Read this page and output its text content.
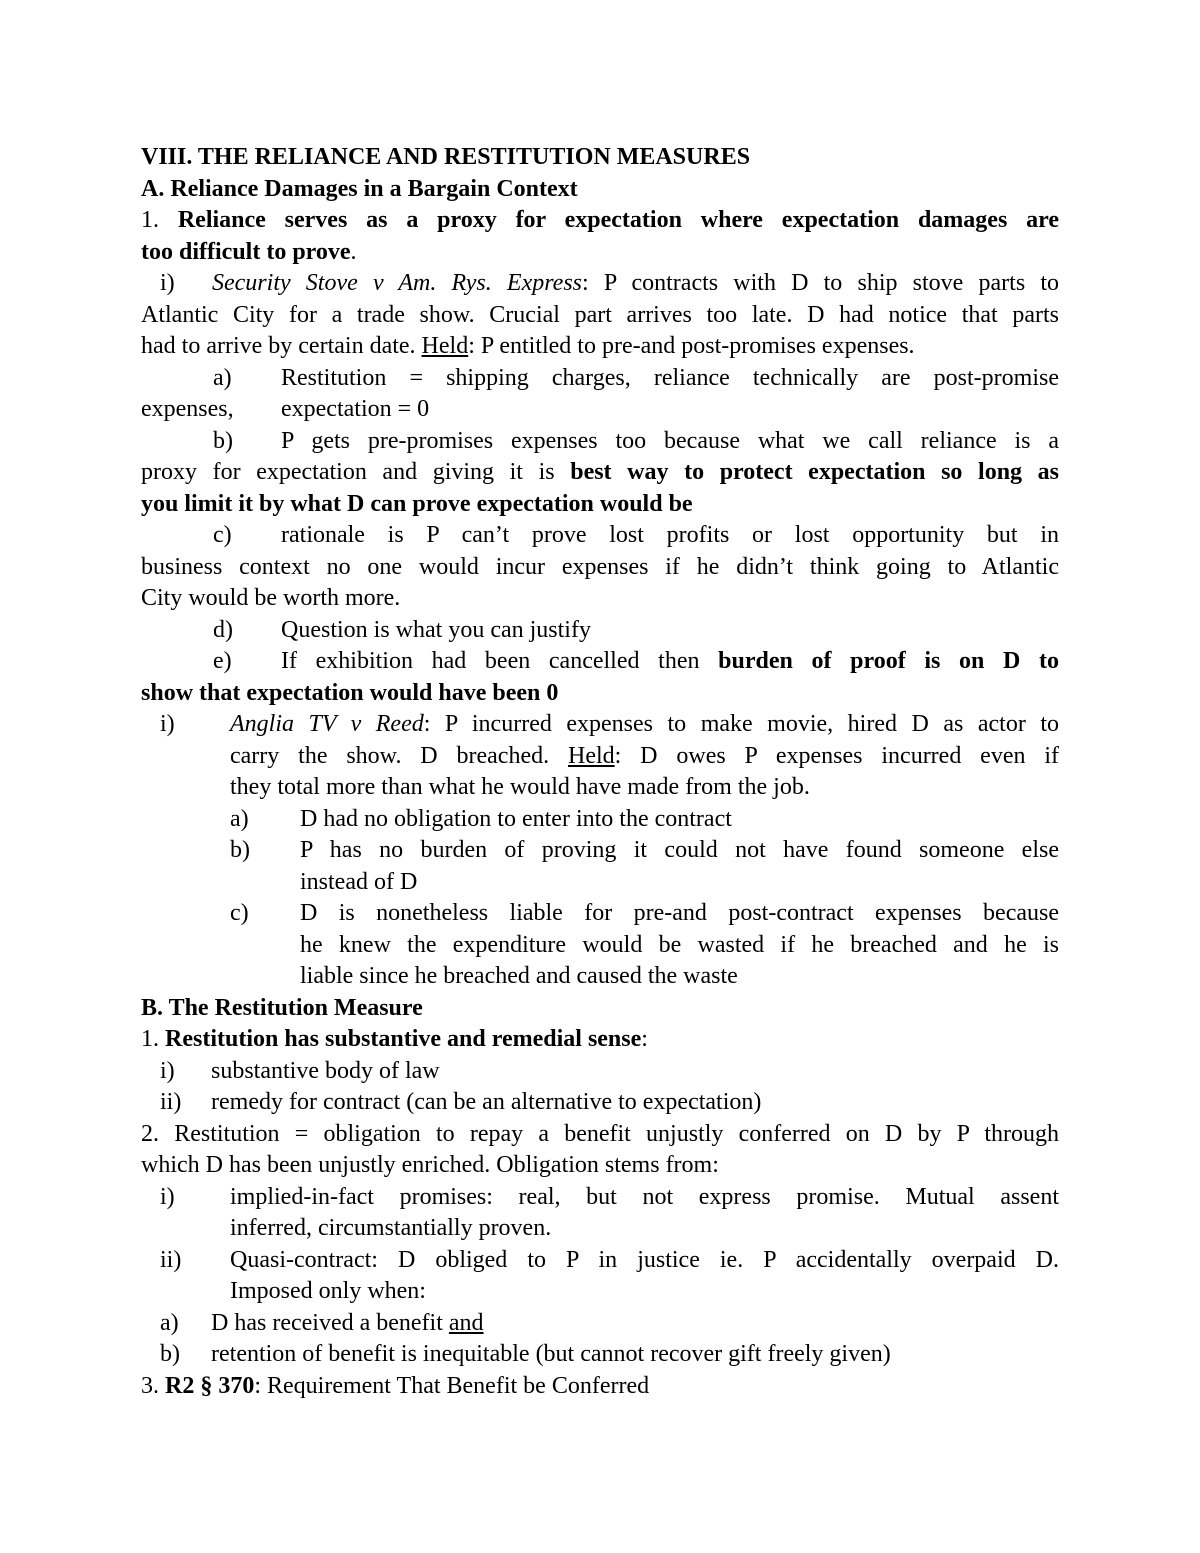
VIII. THE RELIANCE AND RESTITUTION MEASURES
A. Reliance Damages in a Bargain Context
1. Reliance serves as a proxy for expectation where expectation damages are
too difficult to prove.
i) Security Stove v Am. Rys. Express: P contracts with D to ship stove parts to
Atlantic City for a trade show. Crucial part arrives too late. D had notice that parts
had to arrive by certain date. Held: P entitled to pre-and post-promises expenses.
a) Restitution = shipping charges, reliance technically are post-promise
expenses, expectation = 0
b) P gets pre-promises expenses too because what we call reliance is a
proxy for expectation and giving it is best way to protect expectation so long as
you limit it by what D can prove expectation would be
c) rationale is P can’t prove lost profits or lost opportunity but in
business context no one would incur expenses if he didn’t think going to Atlantic
City would be worth more.
d) Question is what you can justify
e) If exhibition had been cancelled then burden of proof is on D to
show that expectation would have been 0
i) Anglia TV v Reed: P incurred expenses to make movie, hired D as actor to
carry the show. D breached. Held: D owes P expenses incurred even if
they total more than what he would have made from the job.
a) D had no obligation to enter into the contract
b) P has no burden of proving it could not have found someone else
instead of D
c) D is nonetheless liable for pre-and post-contract expenses because
he knew the expenditure would be wasted if he breached and he is
liable since he breached and caused the waste
B. The Restitution Measure
1. Restitution has substantive and remedial sense:
i) substantive body of law
ii) remedy for contract (can be an alternative to expectation)
2. Restitution = obligation to repay a benefit unjustly conferred on D by P through
which D has been unjustly enriched. Obligation stems from:
i) implied-in-fact promises: real, but not express promise. Mutual assent
inferred, circumstantially proven.
ii) Quasi-contract: D obliged to P in justice ie. P accidentally overpaid D.
Imposed only when:
a) D has received a benefit and
b) retention of benefit is inequitable (but cannot recover gift freely given)
3. R2 § 370: Requirement That Benefit be Conferred
